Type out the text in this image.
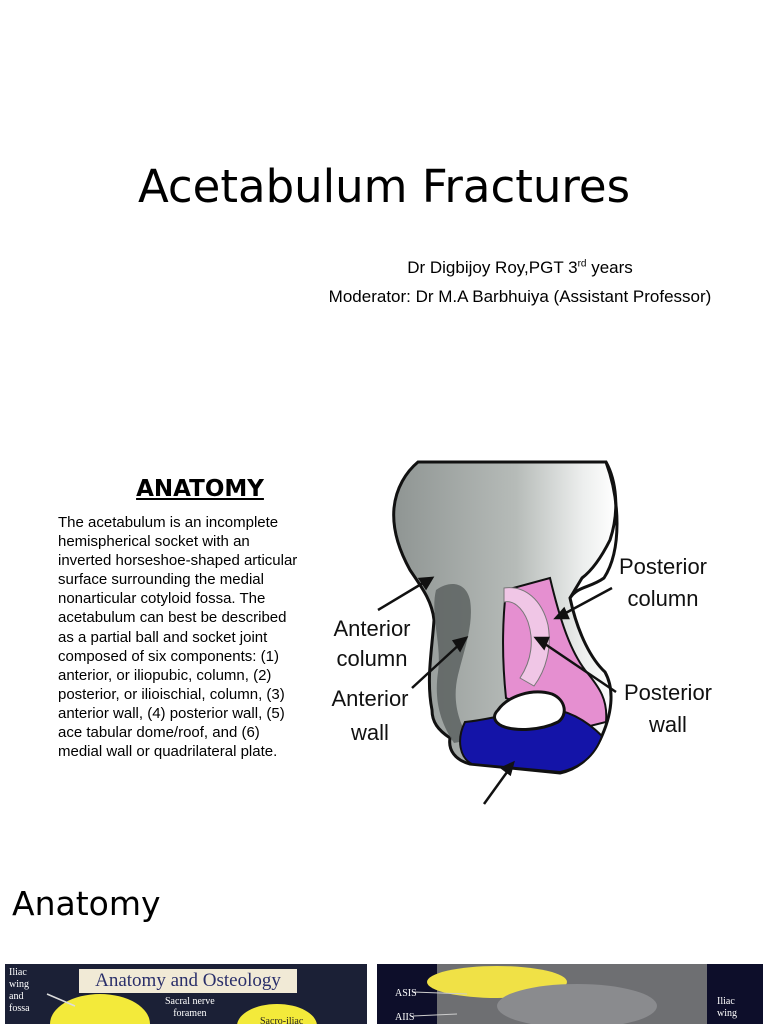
Acetabulum Fractures
Dr Digbijoy Roy,PGT 3rd years
Moderator: Dr M.A Barbhuiya (Assistant Professor)
ANATOMY
The acetabulum is an incomplete hemispherical socket with an inverted horseshoe-shaped articular surface surrounding the medial nonarticular cotyloid fossa. The acetabulum can best be described as a partial ball and socket joint composed of six components: (1) anterior, or iliopubic, column, (2) posterior, or ilioischial, column, (3) anterior wall, (4) posterior wall, (5) ace tabular dome/roof, and (6) medial wall or quadrilateral plate.
Anterior
column
Anterior
wall
Posterior
column
Posterior
wall
Anatomy
Iliac
wing
and
fossa
Anatomy and Osteology
Sacral nerve
foramen
Sacro-iliac
ASIS
AIIS
Iliac
wing
